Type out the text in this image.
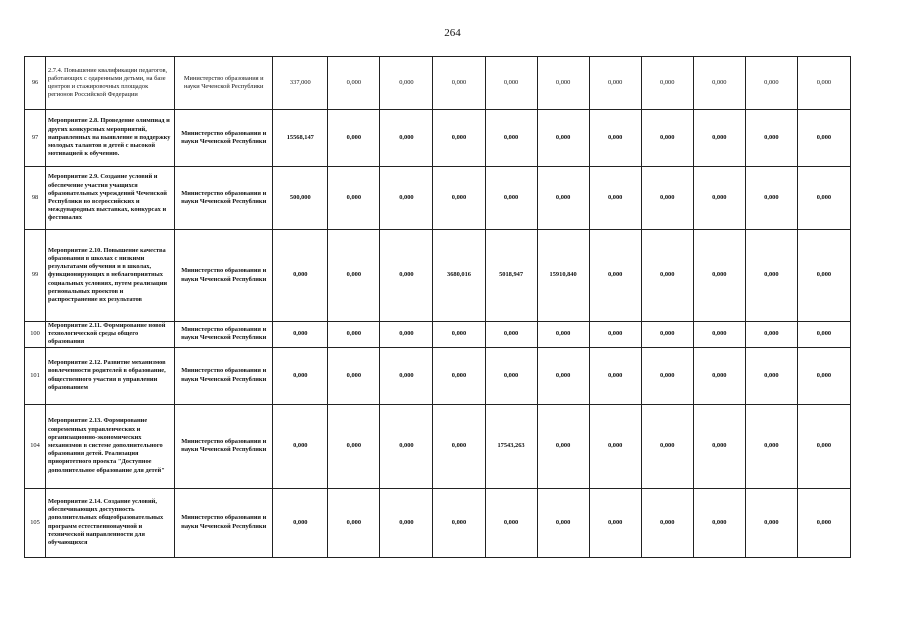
264
96	2.7.4. Повышение квалификации педагогов, работающих с одаренными детьми, на базе центров и стажировочных площадок регионов Российской Федерации	Министерство образования и науки Чеченской Республики	337,000	0,000	0,000	0,000	0,000	0,000	0,000	0,000	0,000	0,000	0,000
97	Мероприятие 2.8. Проведение олимпиад и других конкурсных мероприятий, направленных на выявление и поддержку молодых талантов и детей с высокой мотивацией к обучению.	Министерство образования и науки Чеченской Республики	15568,147	0,000	0,000	0,000	0,000	0,000	0,000	0,000	0,000	0,000	0,000
98	Мероприятие 2.9. Создание условий и обеспечение участия учащихся образовательных учреждений Чеченской Республики во всероссийских и международных выставках, конкурсах и фестивалях	Министерство образования и науки Чеченской Республики	500,000	0,000	0,000	0,000	0,000	0,000	0,000	0,000	0,000	0,000	0,000
99	Мероприятие 2.10. Повышение качества образования в школах с низкими результатами обучения и в школах, функционирующих в неблагоприятных социальных условиях, путем реализации региональных проектов и распространение их результатов	Министерство образования и науки Чеченской Республики	0,000	0,000	0,000	3680,016	5018,947	15910,840	0,000	0,000	0,000	0,000	0,000
100	Мероприятие 2.11. Формирование новой технологической среды общего образования	Министерство образования и науки Чеченской Республики	0,000	0,000	0,000	0,000	0,000	0,000	0,000	0,000	0,000	0,000	0,000
101	Мероприятие 2.12. Развитие механизмов вовлеченности родителей в образование, общественного участия в управлении образованием	Министерство образования и науки Чеченской Республики	0,000	0,000	0,000	0,000	0,000	0,000	0,000	0,000	0,000	0,000	0,000
104	Мероприятие 2.13. Формирование современных управленческих и организационно-экономических механизмов в системе дополнительного образования детей. Реализация приоритетного проекта "Доступное дополнительное образование для детей"	Министерство образования и науки Чеченской Республики	0,000	0,000	0,000	0,000	17543,263	0,000	0,000	0,000	0,000	0,000	0,000
105	Мероприятие 2.14. Создание условий, обеспечивающих доступность дополнительных общеобразовательных программ естественнонаучной и технической направленности для обучающихся	Министерство образования и науки Чеченской Республики	0,000	0,000	0,000	0,000	0,000	0,000	0,000	0,000	0,000	0,000	0,000
